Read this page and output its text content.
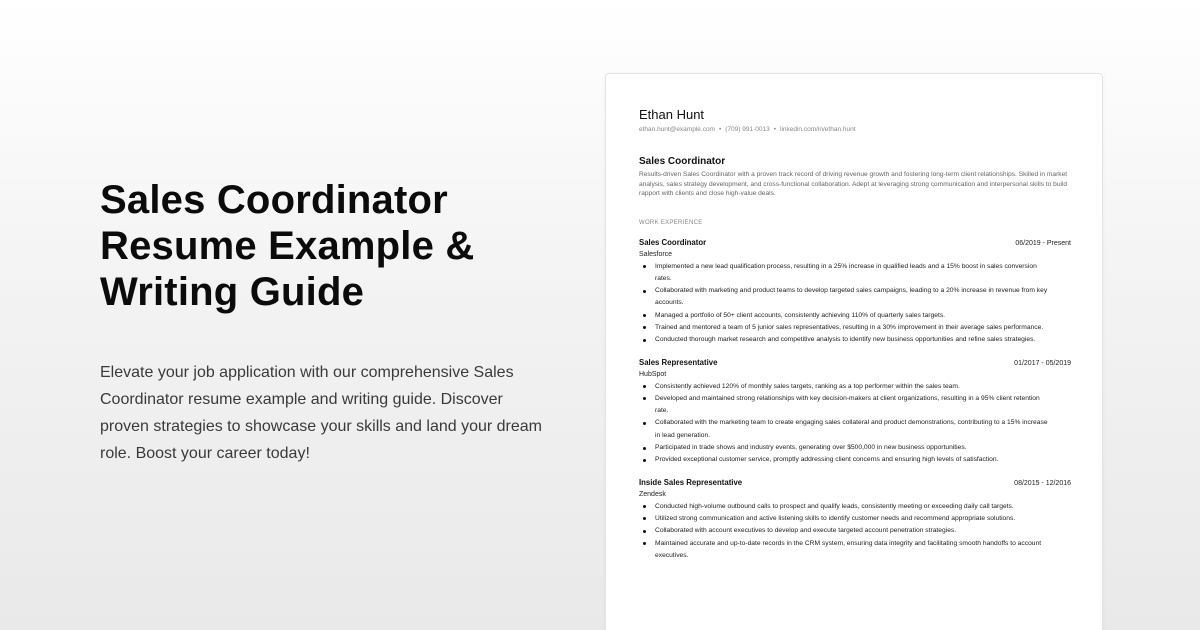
Sales Coordinator
Resume Example &
Writing Guide

Elevate your job application with our comprehensive Sales Coordinator resume example and writing guide. Discover proven strategies to showcase your skills and land your dream role. Boost your career today!

Ethan Hunt
ethan.hunt@example.com • (709) 991-0013 • linkedin.com/in/ethan.hunt
Sales Coordinator

Results-driven Sales Coordinator with a proven track record of driving revenue growth and fostering long-term client relationships. Skilled in market analysis, sales strategy development, and cross-functional collaboration. Adept at leveraging strong communication and interpersonal skills to build rapport with clients and close high-value deals.

WORK EXPERIENCE
Sales Coordinator	06/2019 - Present
Salesforce
Implemented a new lead qualification process, resulting in a 25% increase in qualified leads and a 15% boost in sales conversion rates.
Collaborated with marketing and product teams to develop targeted sales campaigns, leading to a 20% increase in revenue from key accounts.
Managed a portfolio of 50+ client accounts, consistently achieving 110% of quarterly sales targets.
Trained and mentored a team of 5 junior sales representatives, resulting in a 30% improvement in their average sales performance.
Conducted thorough market research and competitive analysis to identify new business opportunities and refine sales strategies.
Sales Representative	01/2017 - 05/2019
HubSpot
Consistently achieved 120% of monthly sales targets, ranking as a top performer within the sales team.
Developed and maintained strong relationships with key decision-makers at client organizations, resulting in a 95% client retention rate.
Collaborated with the marketing team to create engaging sales collateral and product demonstrations, contributing to a 15% increase in lead generation.
Participated in trade shows and industry events, generating over $500,000 in new business opportunities.
Provided exceptional customer service, promptly addressing client concerns and ensuring high levels of satisfaction.
Inside Sales Representative	08/2015 - 12/2016
Zendesk
Conducted high-volume outbound calls to prospect and qualify leads, consistently meeting or exceeding daily call targets.
Utilized strong communication and active listening skills to identify customer needs and recommend appropriate solutions.
Collaborated with account executives to develop and execute targeted account penetration strategies.
Maintained accurate and up-to-date records in the CRM system, ensuring data integrity and facilitating smooth handoffs to account executives.
